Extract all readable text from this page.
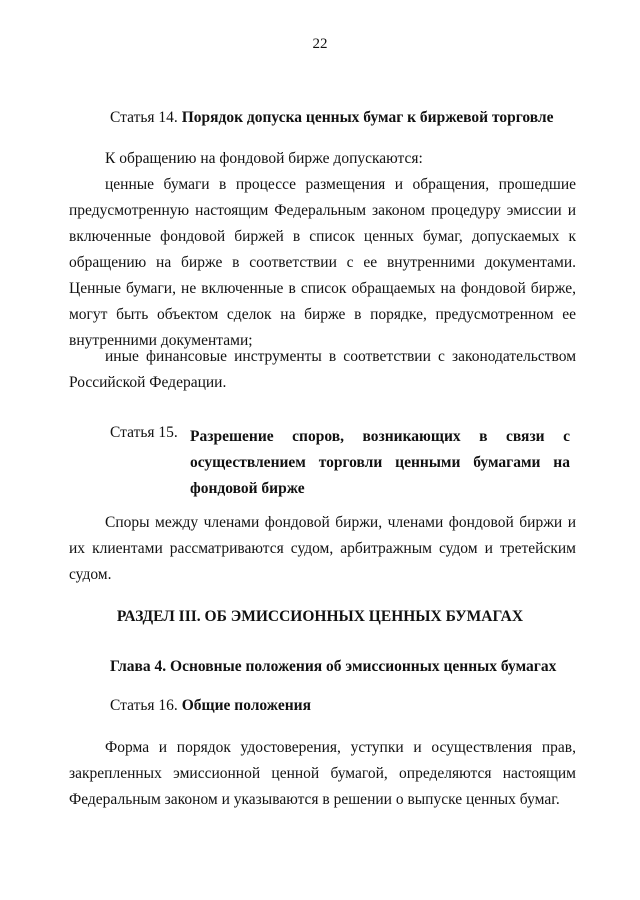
22
Статья 14. Порядок допуска ценных бумаг к биржевой торговле
К обращению на фондовой бирже допускаются:
ценные бумаги в процессе размещения и обращения, прошедшие предусмотренную настоящим Федеральным законом процедуру эмиссии и включенные фондовой биржей в список ценных бумаг, допускаемых к обращению на бирже в соответствии с ее внутренними документами. Ценные бумаги, не включенные в список обращаемых на фондовой бирже, могут быть объектом сделок на бирже в порядке, предусмотренном ее внутренними документами;
иные финансовые инструменты в соответствии с законодательством Российской Федерации.
Статья 15. Разрешение споров, возникающих в связи с осуществлением торговли ценными бумагами на фондовой бирже
Споры между членами фондовой биржи, членами фондовой биржи и их клиентами рассматриваются судом, арбитражным судом и третейским судом.
РАЗДЕЛ III. ОБ ЭМИССИОННЫХ ЦЕННЫХ БУМАГАХ
Глава 4. Основные положения об эмиссионных ценных бумагах
Статья 16. Общие положения
Форма и порядок удостоверения, уступки и осуществления прав, закрепленных эмиссионной ценной бумагой, определяются настоящим Федеральным законом и указываются в решении о выпуске ценных бумаг.
